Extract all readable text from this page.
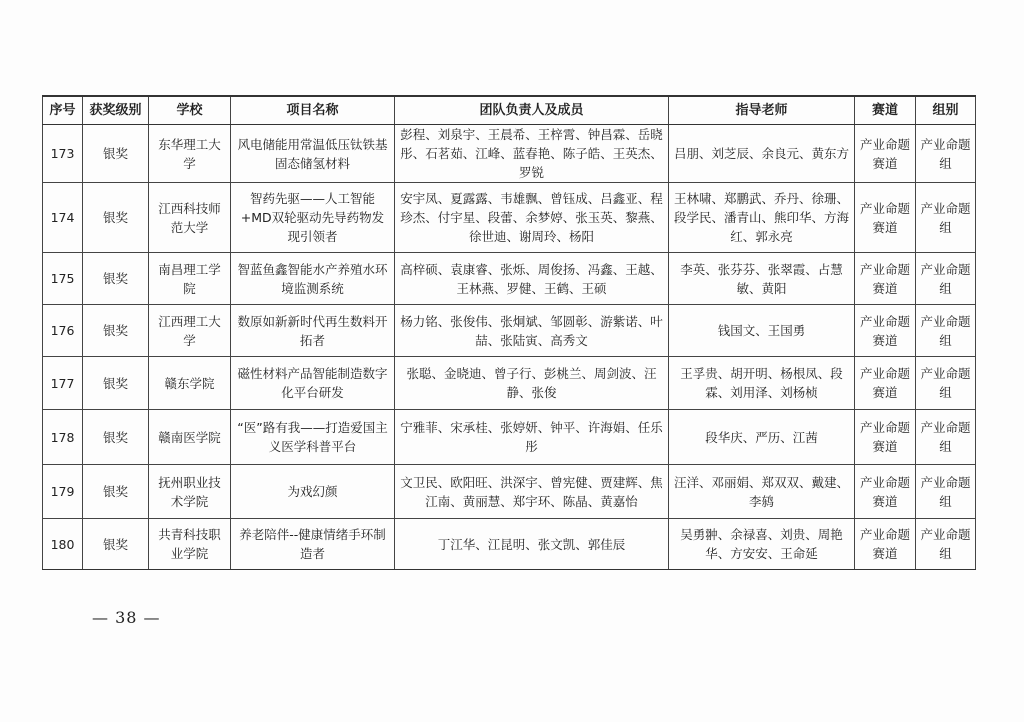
序号	获奖级别	学校	项目名称	团队负责人及成员	指导老师	赛道	组别
173	银奖	东华理工大学	风电储能用常温低压钛铁基固态储氢材料	彭程、刘泉宇、王晨希、王梓霄、钟昌霖、岳晓彤、石茗茹、江峰、蓝春艳、陈子皓、王英杰、罗锐	吕朋、刘芝辰、余良元、黄东方	产业命题赛道	产业命题组
174	银奖	江西科技师范大学	智药先驱——人工智能+MD双轮驱动先导药物发现引领者	安宇凤、夏露露、韦雄飘、曾钰成、吕鑫亚、程珍杰、付宇星、段蕾、余梦婷、张玉英、黎燕、徐世迪、谢周玲、杨阳	王林啸、郑鹏武、乔丹、徐珊、段学民、潘青山、熊印华、方海红、郭永亮	产业命题赛道	产业命题组
175	银奖	南昌理工学院	智蓝鱼鑫智能水产养殖水环境监测系统	高梓硕、袁康睿、张烁、周俊扬、冯鑫、王越、王林燕、罗健、王鹤、王硕	李英、张芬芬、张翠霞、占慧敏、黄阳	产业命题赛道	产业命题组
176	银奖	江西理工大学	数原如新新时代再生数料开拓者	杨力铭、张俊伟、张炯斌、邹圆彰、游紫诺、叶喆、张陆寅、高秀文	钱国文、王国勇	产业命题赛道	产业命题组
177	银奖	赣东学院	磁性材料产品智能制造数字化平台研发	张聪、金晓迪、曾子行、彭桃兰、周剑波、汪静、张俊	王孚贵、胡开明、杨根凤、段霖、刘用泽、刘杨桢	产业命题赛道	产业命题组
178	银奖	赣南医学院	“医”路有我——打造爱国主义医学科普平台	宁雅菲、宋承桂、张婷妍、钟平、许海娟、任乐彤	段华庆、严历、江茜	产业命题赛道	产业命题组
179	银奖	抚州职业技术学院	为戏幻颜	文卫民、欧阳旺、洪深宇、曾宪健、贾建辉、焦江南、黄丽慧、郑宇环、陈晶、黄嘉怡	汪洋、邓丽娟、郑双双、戴建、李鸫	产业命题赛道	产业命题组
180	银奖	共青科技职业学院	养老陪伴--健康情绪手环制造者	丁江华、江昆明、张文凯、郭佳辰	吴勇翀、余禄喜、刘贵、周艳华、方安安、王命延	产业命题赛道	产业命题组
— 38 —
